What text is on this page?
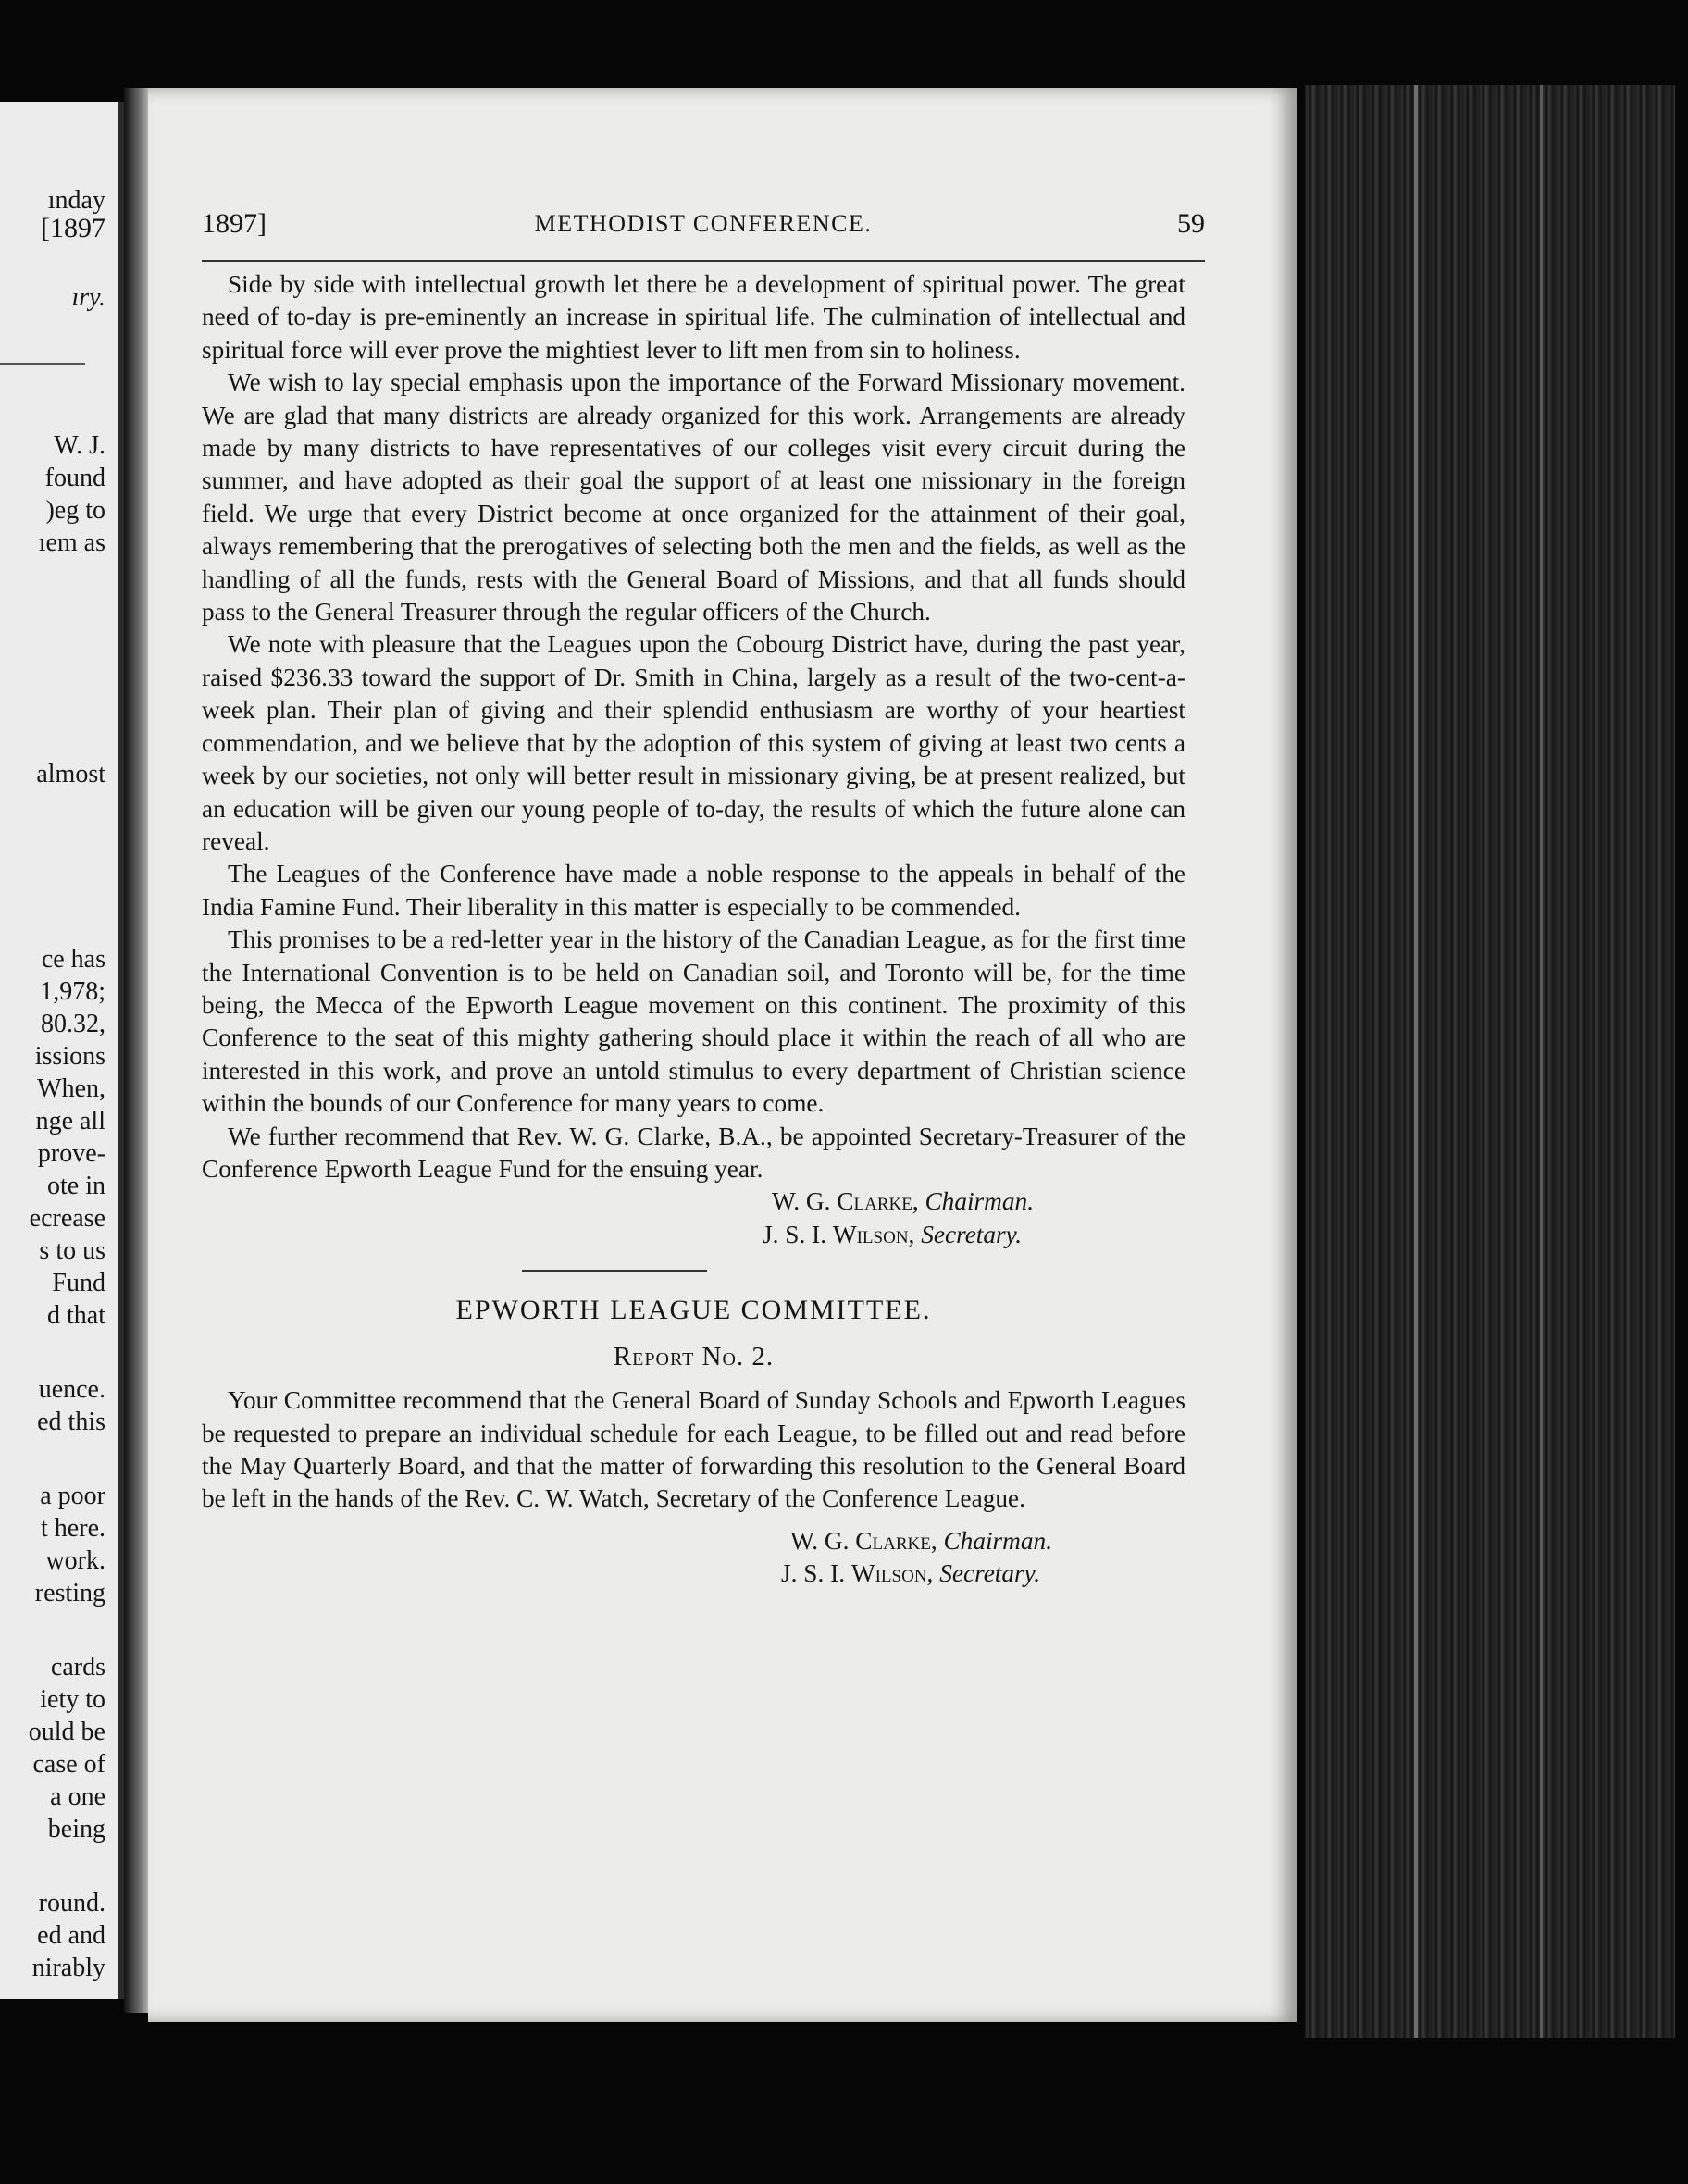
[1897
ınday
ıry.
W. J.
found
)eg to
ıem as
almost
ce has
1,978;
80.32,
issions
When,
nge all
prove-
ote in
ecrease
s to us
Fund
d that
uence.
ed this
a poor
t here.
work.
resting
cards
iety to
ould be
case of
a one
being
round.
ed and
nirably
1897]	METHODIST CONFERENCE.	59

Side by side with intellectual growth let there be a development of spiritual power. The great need of to-day is pre-eminently an increase in spiritual life. The culmination of intellectual and spiritual force will ever prove the mightiest lever to lift men from sin to holiness.

We wish to lay special emphasis upon the importance of the Forward Missionary movement. We are glad that many districts are already organized for this work. Arrangements are already made by many districts to have representatives of our colleges visit every circuit during the summer, and have adopted as their goal the support of at least one missionary in the foreign field. We urge that every District become at once organized for the attainment of their goal, always remembering that the prerogatives of selecting both the men and the fields, as well as the handling of all the funds, rests with the General Board of Missions, and that all funds should pass to the General Treasurer through the regular officers of the Church.

We note with pleasure that the Leagues upon the Cobourg District have, during the past year, raised $236.33 toward the support of Dr. Smith in China, largely as a result of the two-cent-a-week plan. Their plan of giving and their splendid enthusiasm are worthy of your heartiest commendation, and we believe that by the adoption of this system of giving at least two cents a week by our societies, not only will better result in missionary giving, be at present realized, but an education will be given our young people of to-day, the results of which the future alone can reveal.

The Leagues of the Conference have made a noble response to the appeals in behalf of the India Famine Fund. Their liberality in this matter is especially to be commended.

This promises to be a red-letter year in the history of the Canadian League, as for the first time the International Convention is to be held on Canadian soil, and Toronto will be, for the time being, the Mecca of the Epworth League movement on this continent. The proximity of this Conference to the seat of this mighty gathering should place it within the reach of all who are interested in this work, and prove an untold stimulus to every department of Christian science within the bounds of our Conference for many years to come.

We further recommend that Rev. W. G. Clarke, B.A., be appointed Secretary-Treasurer of the Conference Epworth League Fund for the ensuing year.

W. G. Clarke, Chairman.
J. S. I. Wilson, Secretary.
EPWORTH LEAGUE COMMITTEE.
Report No. 2.

Your Committee recommend that the General Board of Sunday Schools and Epworth Leagues be requested to prepare an individual schedule for each League, to be filled out and read before the May Quarterly Board, and that the matter of forwarding this resolution to the General Board be left in the hands of the Rev. C. W. Watch, Secretary of the Conference League.

W. G. Clarke, Chairman.
J. S. I. Wilson, Secretary.
